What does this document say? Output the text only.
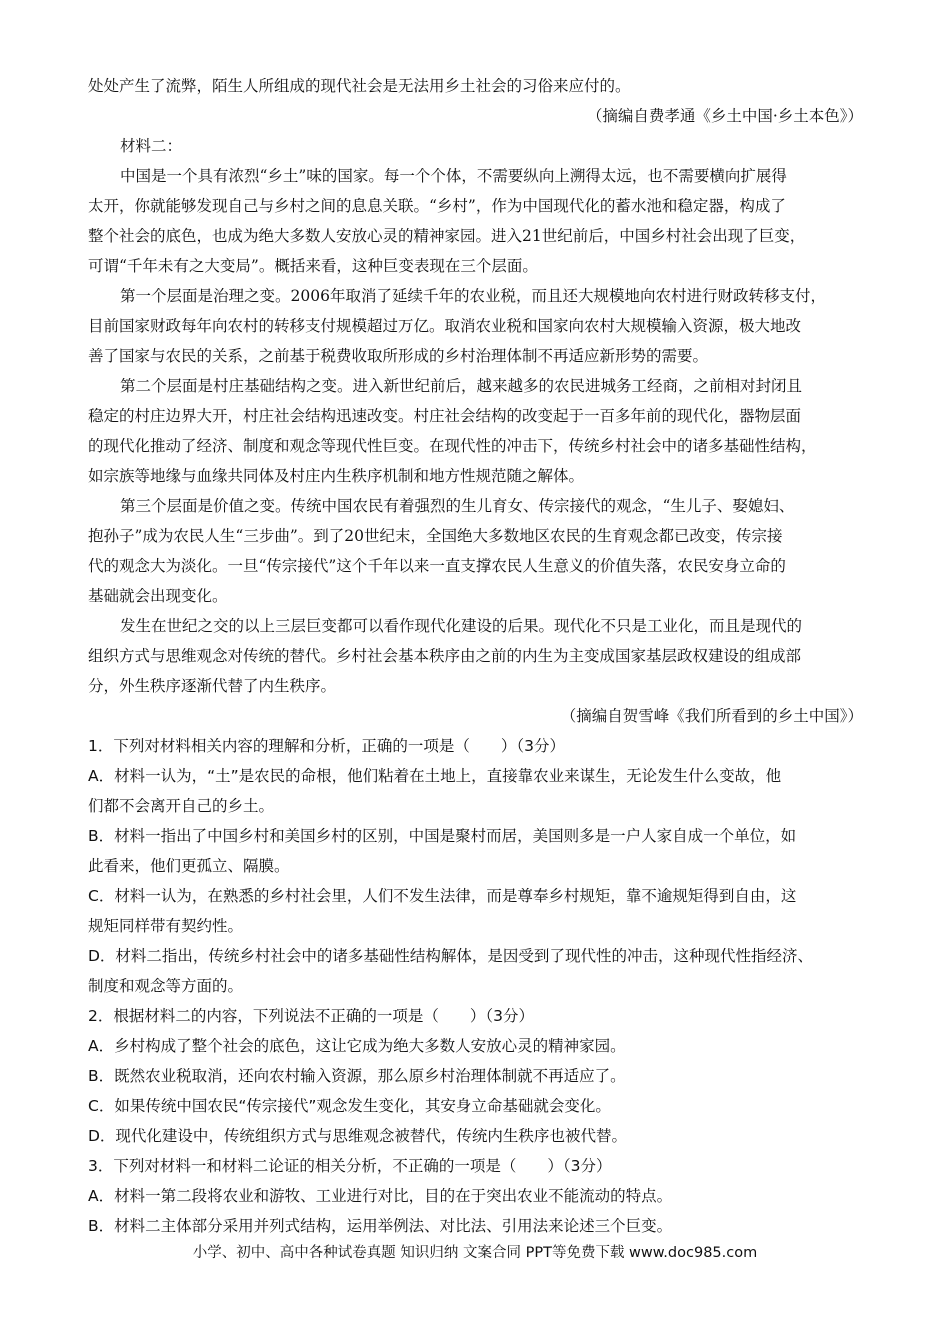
处处产生了流弊，陌生人所组成的现代社会是无法用乡土社会的习俗来应付的。
（摘编自费孝通《乡土中国·乡土本色》）
材料二：
中国是一个具有浓烈“乡土”味的国家。每一个个体，不需要纵向上溯得太远，也不需要横向扩展得
太开，你就能够发现自己与乡村之间的息息关联。“乡村”，作为中国现代化的蓄水池和稳定器，构成了
整个社会的底色，也成为绝大多数人安放心灵的精神家园。进入21世纪前后，中国乡村社会出现了巨变，
可谓“千年未有之大变局”。概括来看，这种巨变表现在三个层面。
第一个层面是治理之变。2006年取消了延续千年的农业税，而且还大规模地向农村进行财政转移支付，
目前国家财政每年向农村的转移支付规模超过万亿。取消农业税和国家向农村大规模输入资源，极大地改
善了国家与农民的关系，之前基于税费收取所形成的乡村治理体制不再适应新形势的需要。
第二个层面是村庄基础结构之变。进入新世纪前后，越来越多的农民进城务工经商，之前相对封闭且
稳定的村庄边界大开，村庄社会结构迅速改变。村庄社会结构的改变起于一百多年前的现代化，器物层面
的现代化推动了经济、制度和观念等现代性巨变。在现代性的冲击下，传统乡村社会中的诸多基础性结构，
如宗族等地缘与血缘共同体及村庄内生秩序机制和地方性规范随之解体。
第三个层面是价值之变。传统中国农民有着强烈的生儿育女、传宗接代的观念，“生儿子、娶媳妇、
抱孙子”成为农民人生“三步曲”。到了20世纪末，全国绝大多数地区农民的生育观念都已改变，传宗接
代的观念大为淡化。一旦“传宗接代”这个千年以来一直支撑农民人生意义的价值失落，农民安身立命的
基础就会出现变化。
发生在世纪之交的以上三层巨变都可以看作现代化建设的后果。现代化不只是工业化，而且是现代的
组织方式与思维观念对传统的替代。乡村社会基本秩序由之前的内生为主变成国家基层政权建设的组成部
分，外生秩序逐渐代替了内生秩序。
（摘编自贺雪峰《我们所看到的乡土中国》）
1．下列对材料相关内容的理解和分析，正确的一项是（　　）（3分）
A．材料一认为，“土”是农民的命根，他们粘着在土地上，直接靠农业来谋生，无论发生什么变故，他
们都不会离开自己的乡土。
B．材料一指出了中国乡村和美国乡村的区别，中国是聚村而居，美国则多是一户人家自成一个单位，如
此看来，他们更孤立、隔膜。
C．材料一认为，在熟悉的乡村社会里，人们不发生法律，而是尊奉乡村规矩，靠不逾规矩得到自由，这
规矩同样带有契约性。
D．材料二指出，传统乡村社会中的诸多基础性结构解体，是因受到了现代性的冲击，这种现代性指经济、
制度和观念等方面的。
2．根据材料二的内容，下列说法不正确的一项是（　　）（3分）
A．乡村构成了整个社会的底色，这让它成为绝大多数人安放心灵的精神家园。
B．既然农业税取消，还向农村输入资源，那么原乡村治理体制就不再适应了。
C．如果传统中国农民“传宗接代”观念发生变化，其安身立命基础就会变化。
D．现代化建设中，传统组织方式与思维观念被替代，传统内生秩序也被代替。
3．下列对材料一和材料二论证的相关分析，不正确的一项是（　　）（3分）
A．材料一第二段将农业和游牧、工业进行对比，目的在于突出农业不能流动的特点。
B．材料二主体部分采用并列式结构，运用举例法、对比法、引用法来论述三个巨变。
小学、初中、高中各种试卷真题 知识归纳 文案合同 PPT等免费下载 www.doc985.com
